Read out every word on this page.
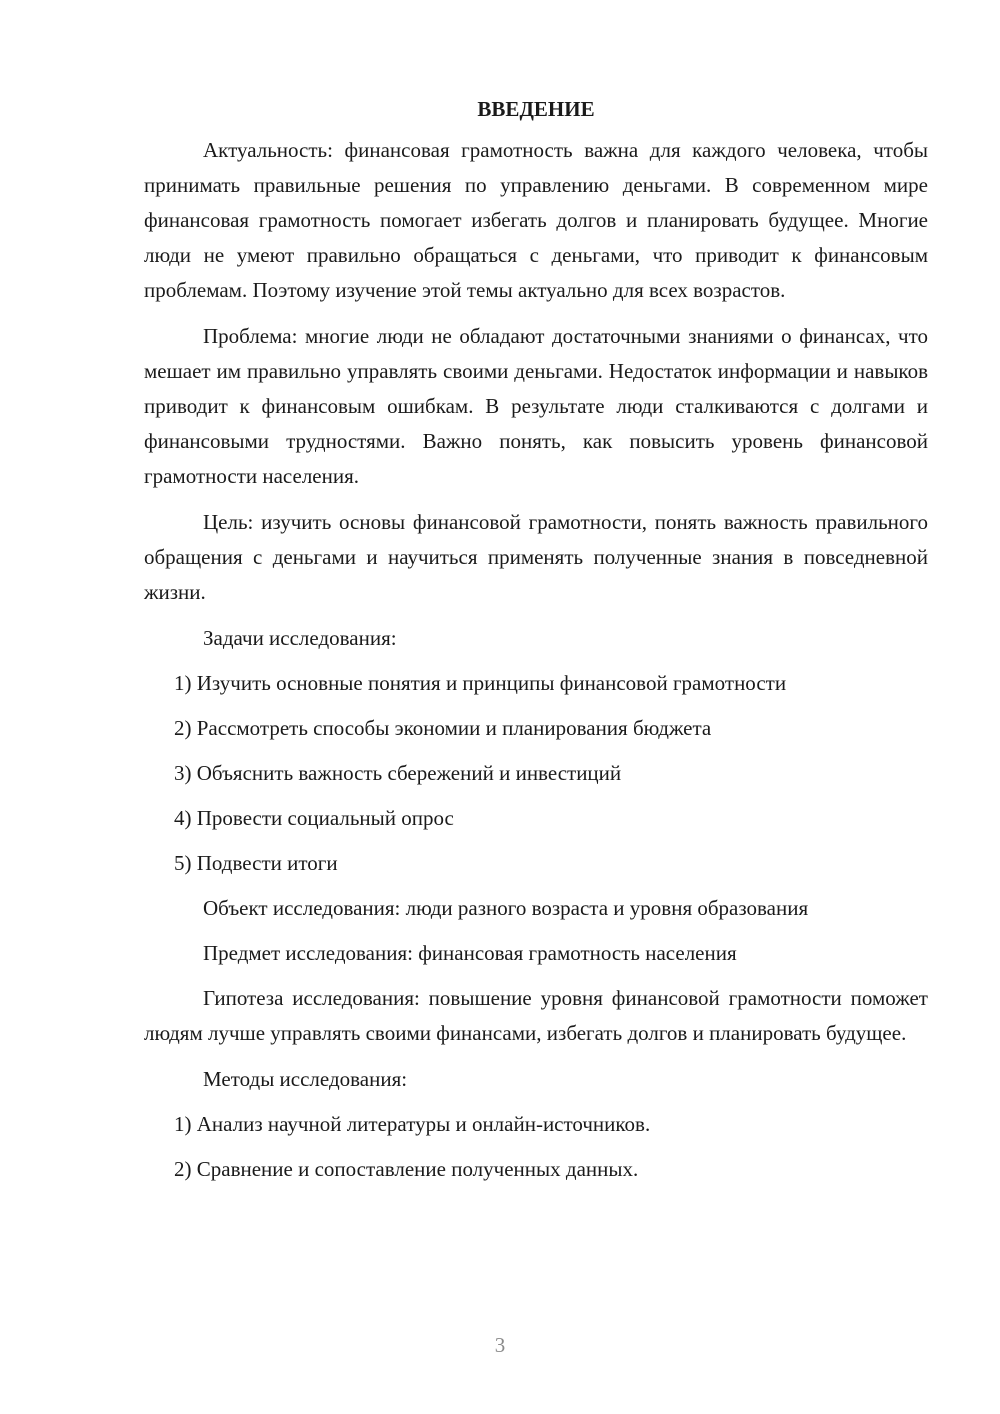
ВВЕДЕНИЕ

Актуальность: финансовая грамотность важна для каждого человека, чтобы принимать правильные решения по управлению деньгами. В современном мире финансовая грамотность помогает избегать долгов и планировать будущее. Многие люди не умеют правильно обращаться с деньгами, что приводит к финансовым проблемам. Поэтому изучение этой темы актуально для всех возрастов.

Проблема: многие люди не обладают достаточными знаниями о финансах, что мешает им правильно управлять своими деньгами. Недостаток информации и навыков приводит к финансовым ошибкам. В результате люди сталкиваются с долгами и финансовыми трудностями. Важно понять, как повысить уровень финансовой грамотности населения.

Цель: изучить основы финансовой грамотности, понять важность правильного обращения с деньгами и научиться применять полученные знания в повседневной жизни.

Задачи исследования:

1) Изучить основные понятия и принципы финансовой грамотности

2) Рассмотреть способы экономии и планирования бюджета

3) Объяснить важность сбережений и инвестиций

4) Провести социальный опрос

5) Подвести итоги

Объект исследования: люди разного возраста и уровня образования

Предмет исследования: финансовая грамотность населения

Гипотеза исследования: повышение уровня финансовой грамотности поможет людям лучше управлять своими финансами, избегать долгов и планировать будущее.

Методы исследования:

1) Анализ научной литературы и онлайн-источников.

2) Сравнение и сопоставление полученных данных.

3
